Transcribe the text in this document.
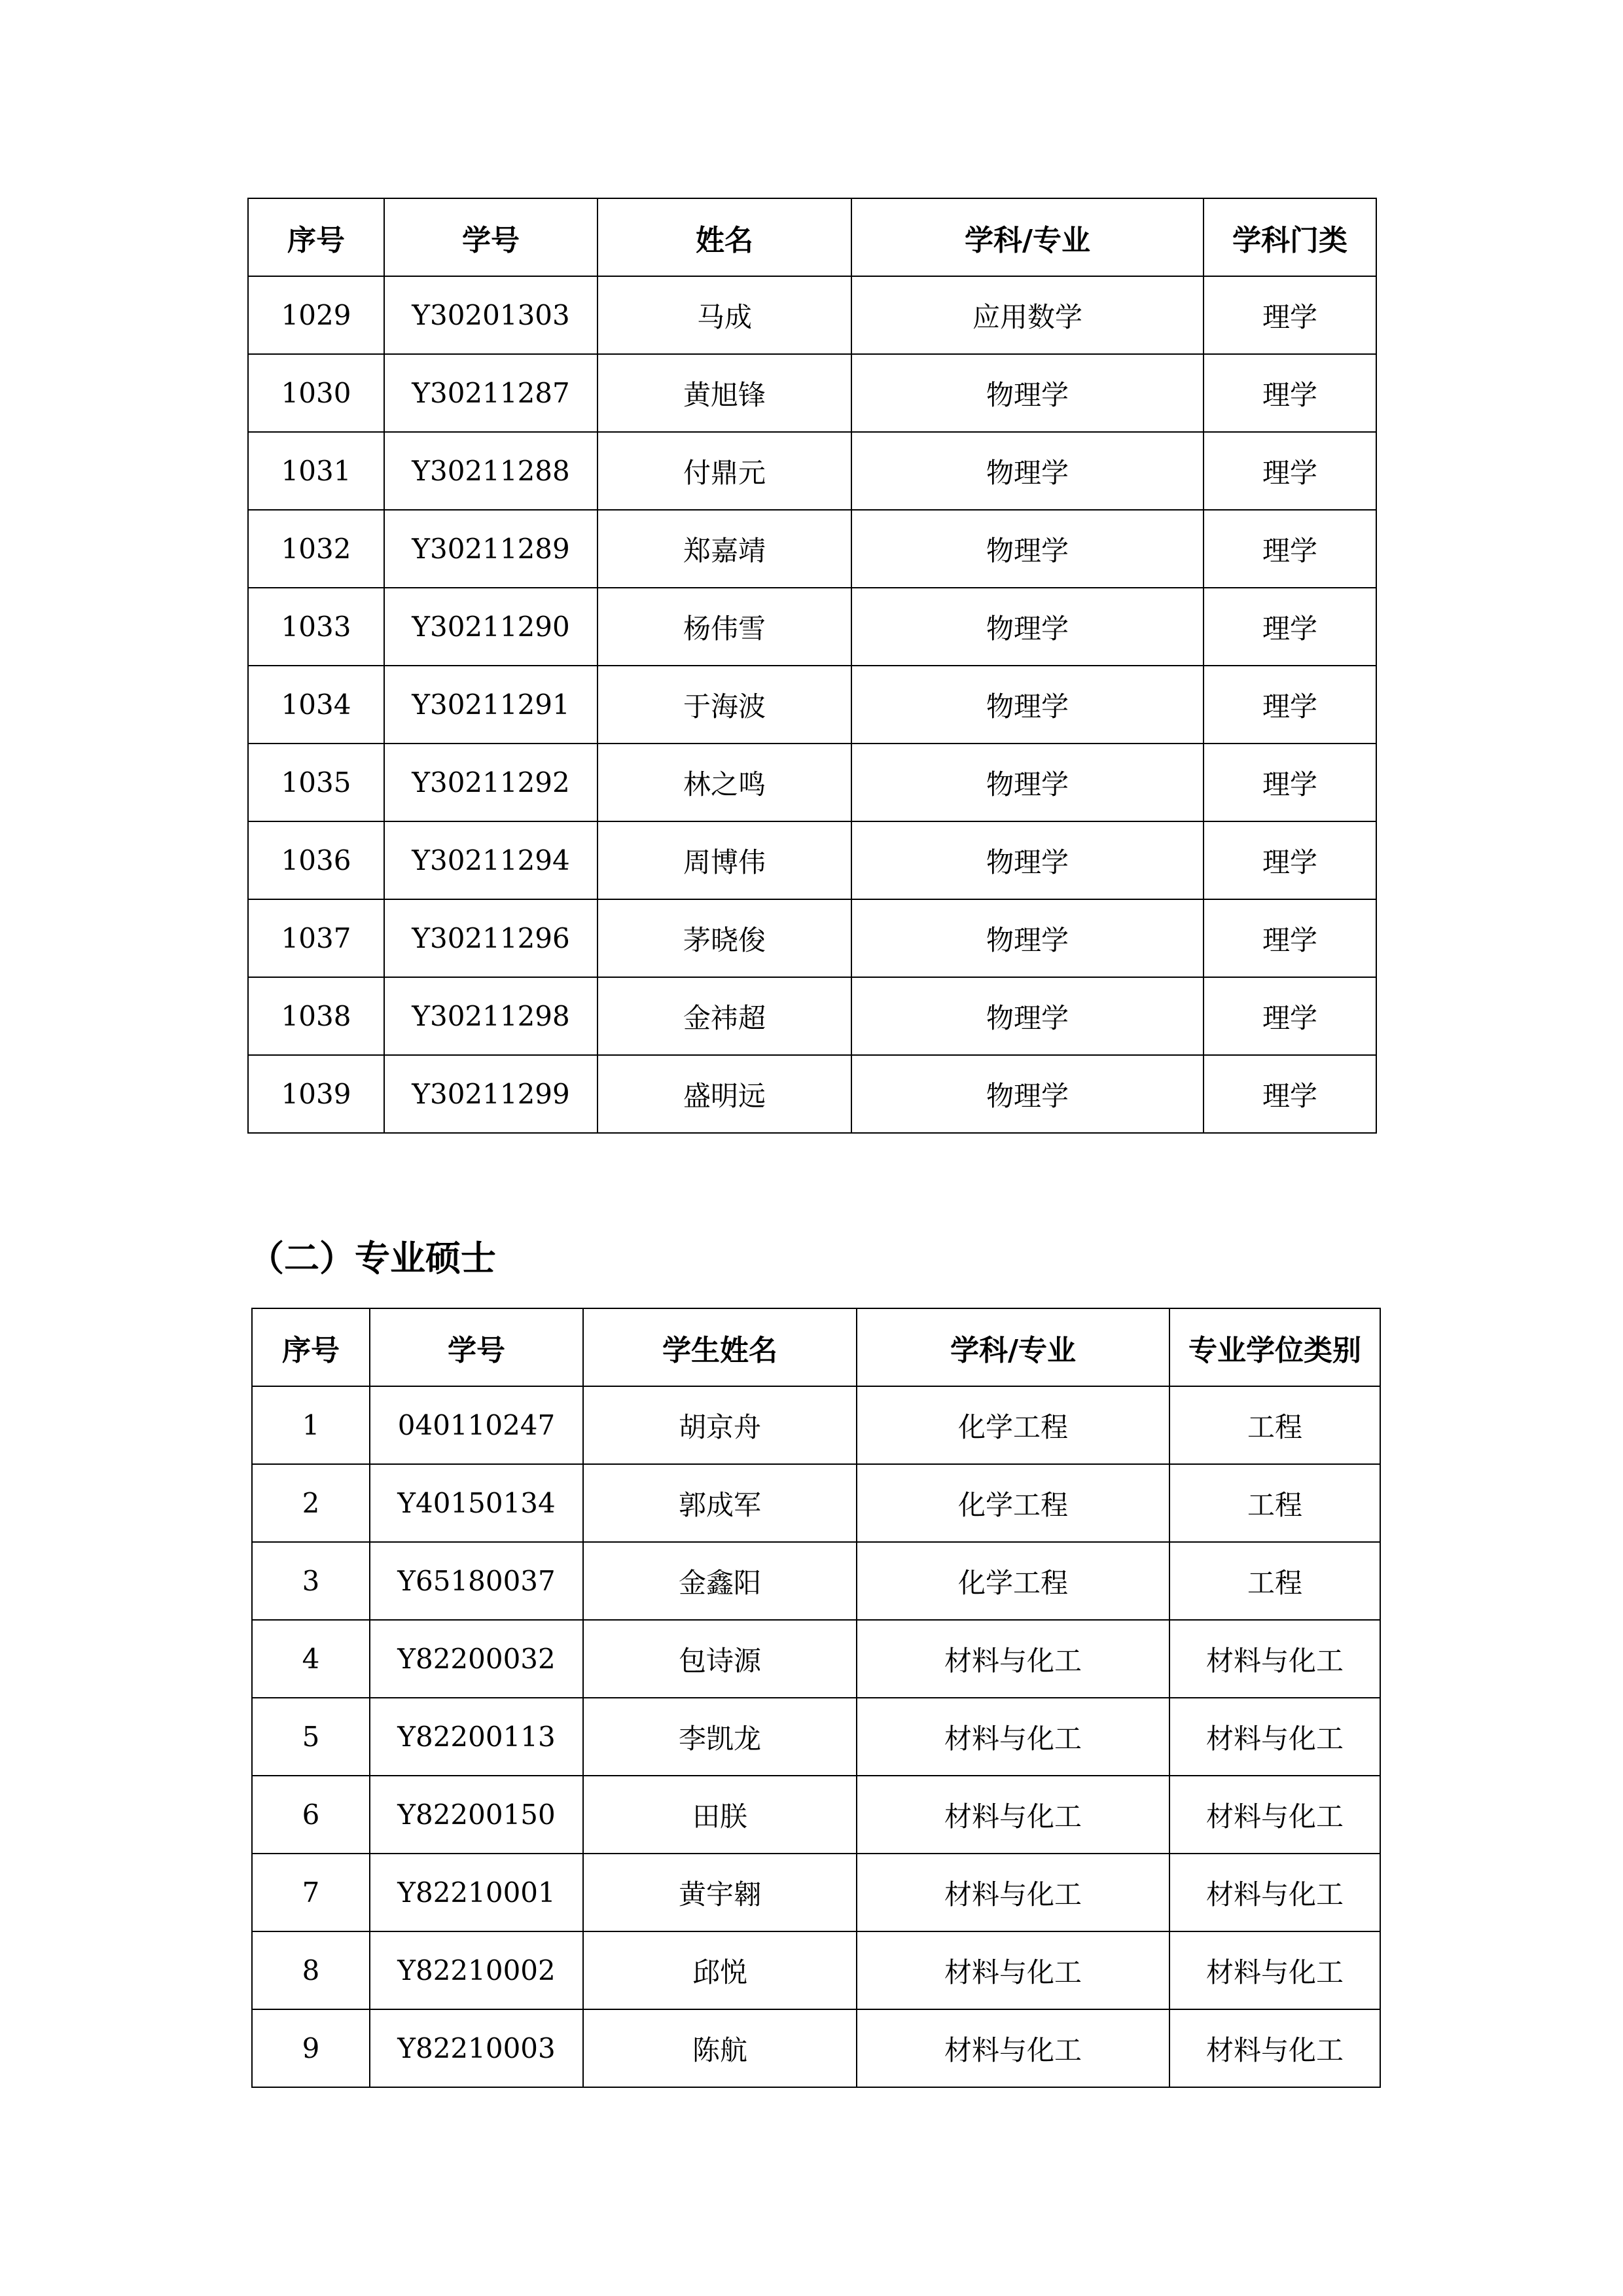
序号	学号	姓名	学科/专业	学科门类
1029	Y30201303	马成	应用数学	理学
1030	Y30211287	黄旭锋	物理学	理学
1031	Y30211288	付鼎元	物理学	理学
1032	Y30211289	郑嘉靖	物理学	理学
1033	Y30211290	杨伟雪	物理学	理学
1034	Y30211291	于海波	物理学	理学
1035	Y30211292	林之鸣	物理学	理学
1036	Y30211294	周博伟	物理学	理学
1037	Y30211296	茅晓俊	物理学	理学
1038	Y30211298	金祎超	物理学	理学
1039	Y30211299	盛明远	物理学	理学
（二）专业硕士
序号	学号	学生姓名	学科/专业	专业学位类别
1	040110247	胡京舟	化学工程	工程
2	Y40150134	郭成军	化学工程	工程
3	Y65180037	金鑫阳	化学工程	工程
4	Y82200032	包诗源	材料与化工	材料与化工
5	Y82200113	李凯龙	材料与化工	材料与化工
6	Y82200150	田朕	材料与化工	材料与化工
7	Y82210001	黄宇翱	材料与化工	材料与化工
8	Y82210002	邱悦	材料与化工	材料与化工
9	Y82210003	陈航	材料与化工	材料与化工
